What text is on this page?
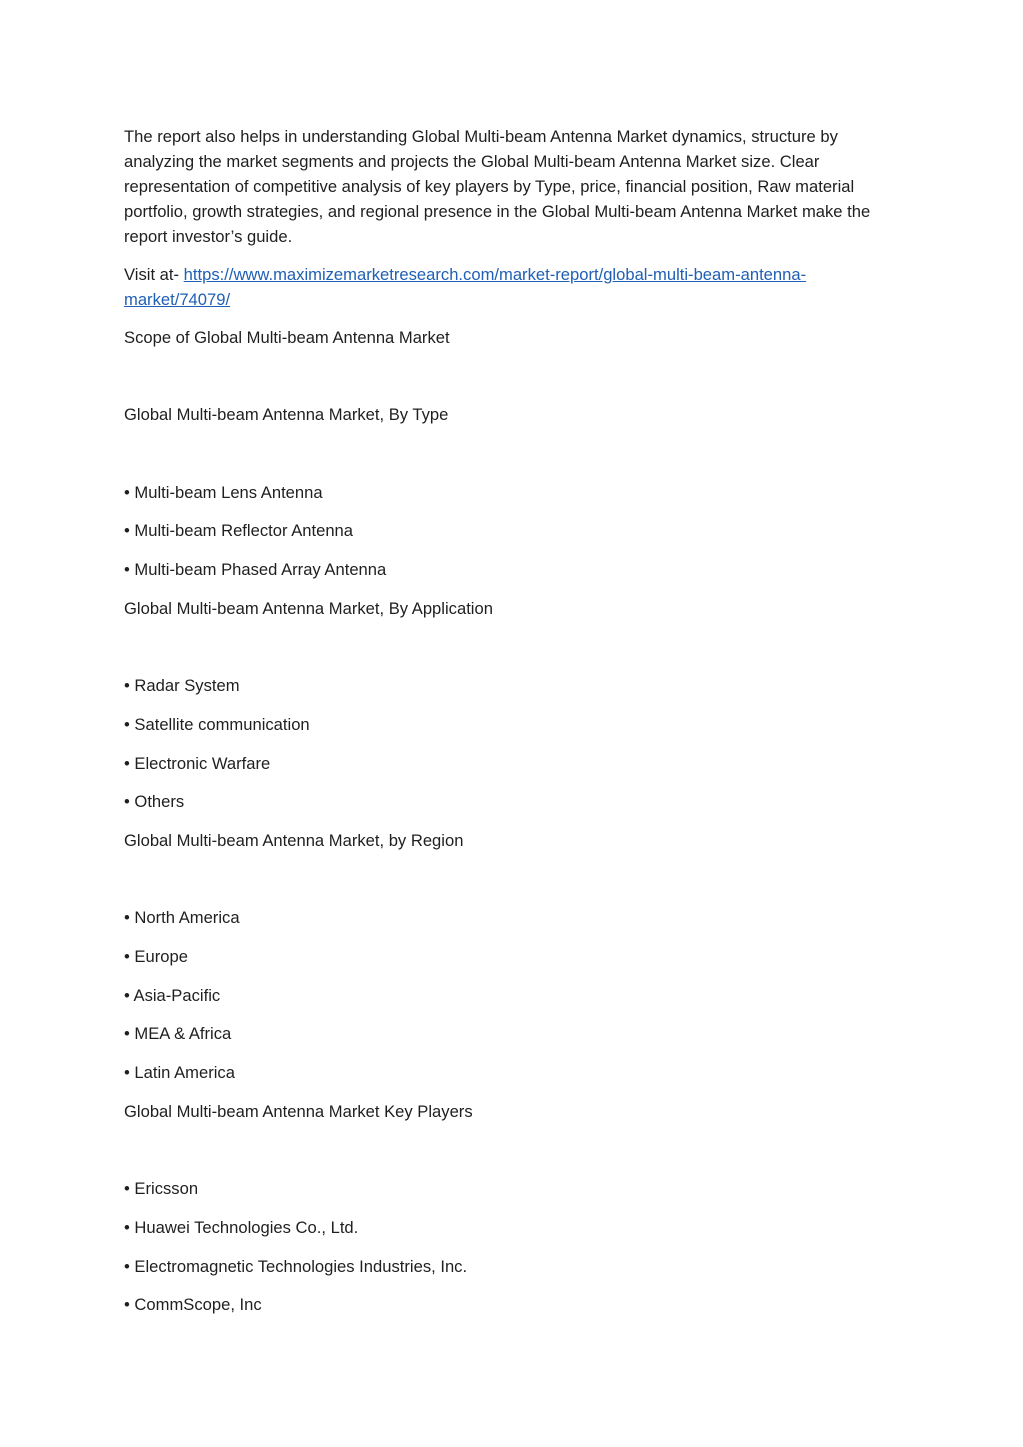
The report also helps in understanding Global Multi-beam Antenna Market dynamics, structure by analyzing the market segments and projects the Global Multi-beam Antenna Market size. Clear representation of competitive analysis of key players by Type, price, financial position, Raw material portfolio, growth strategies, and regional presence in the Global Multi-beam Antenna Market make the report investor’s guide.

Visit at- https://www.maximizemarketresearch.com/market-report/global-multi-beam-antenna-market/74079/

Scope of Global Multi-beam Antenna Market
Global Multi-beam Antenna Market, By Type
• Multi-beam Lens Antenna
• Multi-beam Reflector Antenna
• Multi-beam Phased Array Antenna
Global Multi-beam Antenna Market, By Application
• Radar System
• Satellite communication
• Electronic Warfare
• Others
Global Multi-beam Antenna Market, by Region
• North America
• Europe
• Asia-Pacific
• MEA & Africa
• Latin America
Global Multi-beam Antenna Market Key Players
• Ericsson
• Huawei Technologies Co., Ltd.
• Electromagnetic Technologies Industries, Inc.
• CommScope, Inc
